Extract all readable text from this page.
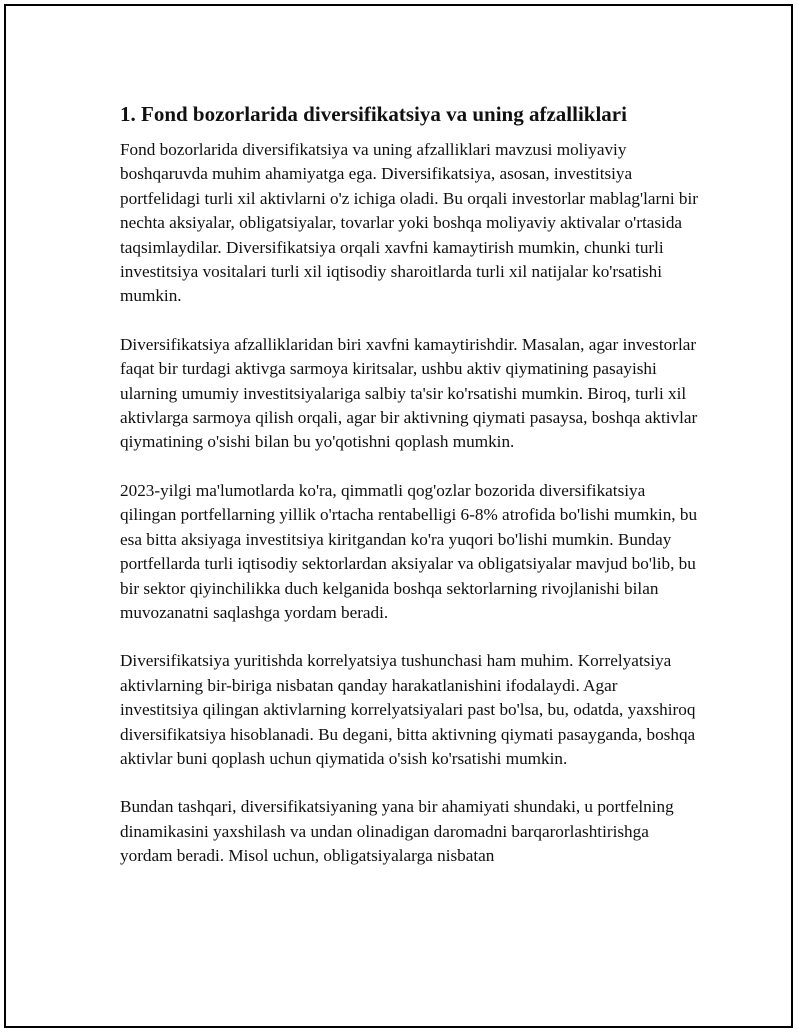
1. Fond bozorlarida diversifikatsiya va uning afzalliklari

Fond bozorlarida diversifikatsiya va uning afzalliklari mavzusi moliyaviy boshqaruvda muhim ahamiyatga ega. Diversifikatsiya, asosan, investitsiya portfelidagi turli xil aktivlarni o'z ichiga oladi. Bu orqali investorlar mablag'larni bir nechta aksiyalar, obligatsiyalar, tovarlar yoki boshqa moliyaviy aktivalar o'rtasida taqsimlaydilar. Diversifikatsiya orqali xavfni kamaytirish mumkin, chunki turli investitsiya vositalari turli xil iqtisodiy sharoitlarda turli xil natijalar ko'rsatishi mumkin.

Diversifikatsiya afzalliklaridan biri xavfni kamaytirishdir. Masalan, agar investorlar faqat bir turdagi aktivga sarmoya kiritsalar, ushbu aktiv qiymatining pasayishi ularning umumiy investitsiyalariga salbiy ta'sir ko'rsatishi mumkin. Biroq, turli xil aktivlarga sarmoya qilish orqali, agar bir aktivning qiymati pasaysa, boshqa aktivlar qiymatining o'sishi bilan bu yo'qotishni qoplash mumkin.

2023-yilgi ma'lumotlarda ko'ra, qimmatli qog'ozlar bozorida diversifikatsiya qilingan portfellarning yillik o'rtacha rentabelligi 6-8% atrofida bo'lishi mumkin, bu esa bitta aksiyaga investitsiya kiritgandan ko'ra yuqori bo'lishi mumkin. Bunday portfellarda turli iqtisodiy sektorlardan aksiyalar va obligatsiyalar mavjud bo'lib, bu bir sektor qiyinchilikka duch kelganida boshqa sektorlarning rivojlanishi bilan muvozanatni saqlashga yordam beradi.

Diversifikatsiya yuritishda korrelyatsiya tushunchasi ham muhim. Korrelyatsiya aktivlarning bir-biriga nisbatan qanday harakatlanishini ifodalaydi. Agar investitsiya qilingan aktivlarning korrelyatsiyalari past bo'lsa, bu, odatda, yaxshiroq diversifikatsiya hisoblanadi. Bu degani, bitta aktivning qiymati pasayganda, boshqa aktivlar buni qoplash uchun qiymatida o'sish ko'rsatishi mumkin.

Bundan tashqari, diversifikatsiyaning yana bir ahamiyati shundaki, u portfelning dinamikasini yaxshilash va undan olinadigan daromadni barqarorlashtirishga yordam beradi. Misol uchun, obligatsiyalarga nisbatan
